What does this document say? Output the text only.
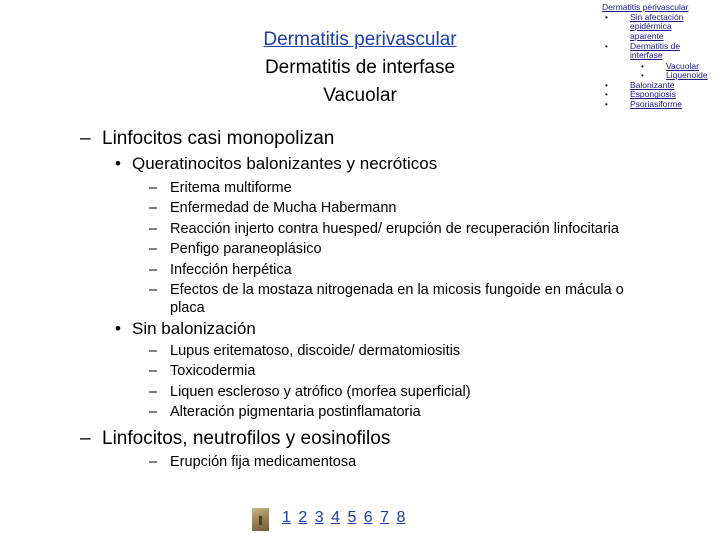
Dermatitis perivascular
Dermatitis de interfase
Vacuolar
Dermatitis perivascular
•	Sin afectación epidérmica aparente
•	Dermatitis de interfase
•	Vacuolar
•	Liquenoide
•	Balonizante
•	Espongiosis
•	Psoriasiforme
– Linfocitos casi monopolizan
• Queratinocitos balonizantes y necróticos
– Eritema multiforme
– Enfermedad de Mucha Habermann
– Reacción injerto contra huesped/ erupción de recuperación linfocitaria
– Penfigo paraneoplásico
– Infección herpética
– Efectos de la mostaza nitrogenada en la micosis fungoide en mácula o
placa
• Sin balonización
– Lupus eritematoso, discoide/ dermatomiositis
– Toxicodermia
– Liquen escleroso y atrófico (morfea superficial)
– Alteración pigmentaria postinflamatoria
– Linfocitos, neutrofilos y eosinofilos
– Erupción fija medicamentosa
1 2 3 4 5 6 7 8
